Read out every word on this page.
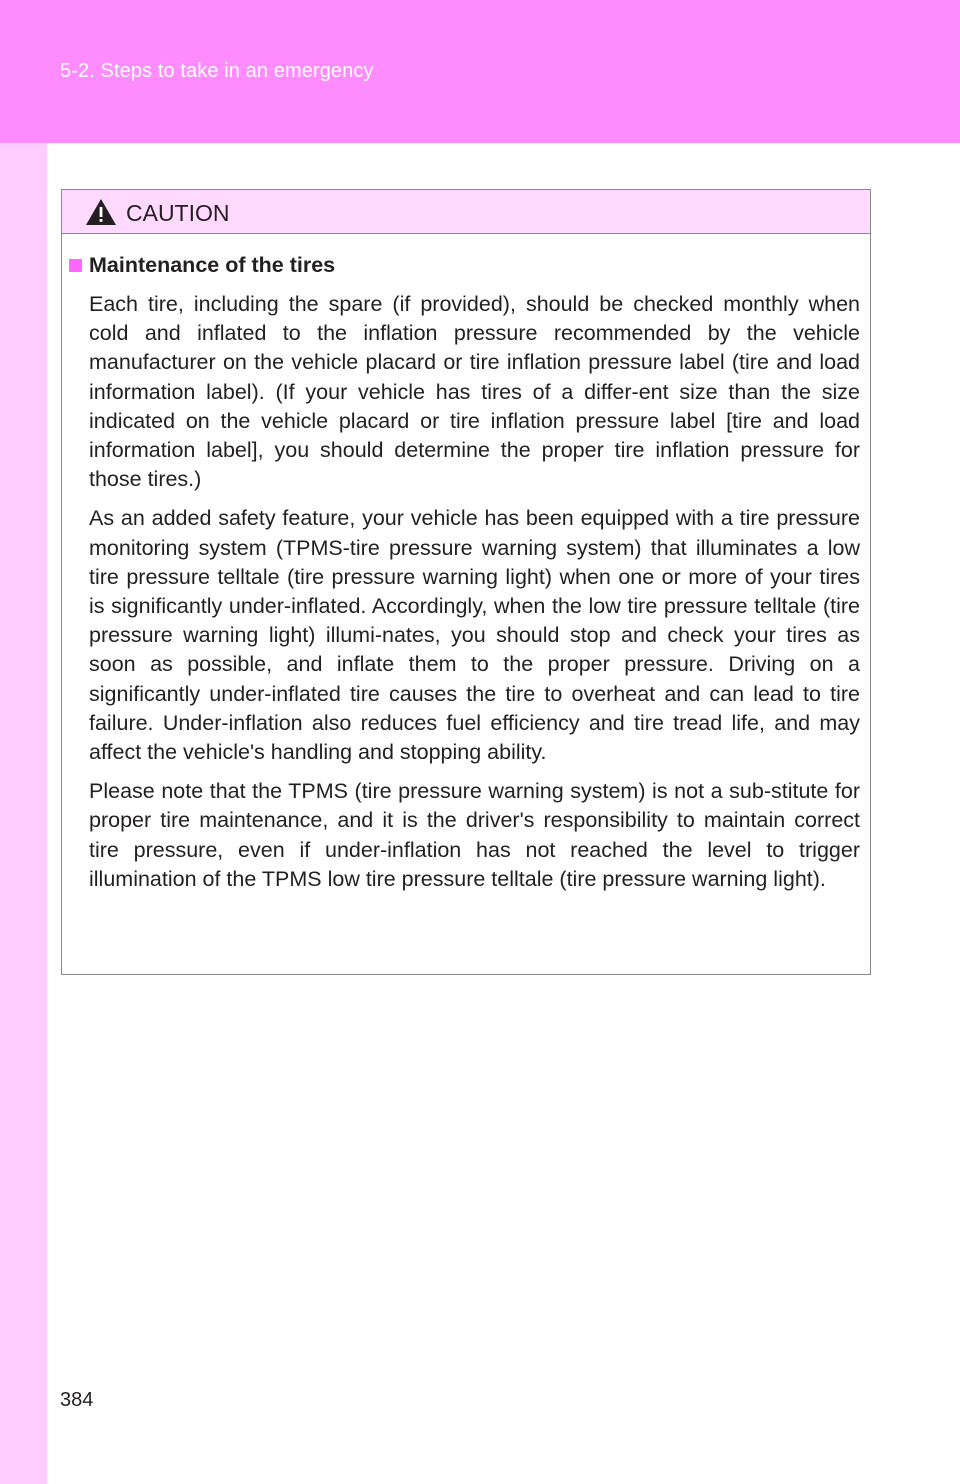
5-2. Steps to take in an emergency
CAUTION
Maintenance of the tires

Each tire, including the spare (if provided), should be checked monthly when cold and inflated to the inflation pressure recommended by the vehicle manufacturer on the vehicle placard or tire inflation pressure label (tire and load information label). (If your vehicle has tires of a differ-ent size than the size indicated on the vehicle placard or tire inflation pressure label [tire and load information label], you should determine the proper tire inflation pressure for those tires.)

As an added safety feature, your vehicle has been equipped with a tire pressure monitoring system (TPMS-tire pressure warning system) that illuminates a low tire pressure telltale (tire pressure warning light) when one or more of your tires is significantly under-inflated. Accordingly, when the low tire pressure telltale (tire pressure warning light) illumi-nates, you should stop and check your tires as soon as possible, and inflate them to the proper pressure. Driving on a significantly under-inflated tire causes the tire to overheat and can lead to tire failure. Under-inflation also reduces fuel efficiency and tire tread life, and may affect the vehicle's handling and stopping ability.

Please note that the TPMS (tire pressure warning system) is not a sub-stitute for proper tire maintenance, and it is the driver's responsibility to maintain correct tire pressure, even if under-inflation has not reached the level to trigger illumination of the TPMS low tire pressure telltale (tire pressure warning light).

384
